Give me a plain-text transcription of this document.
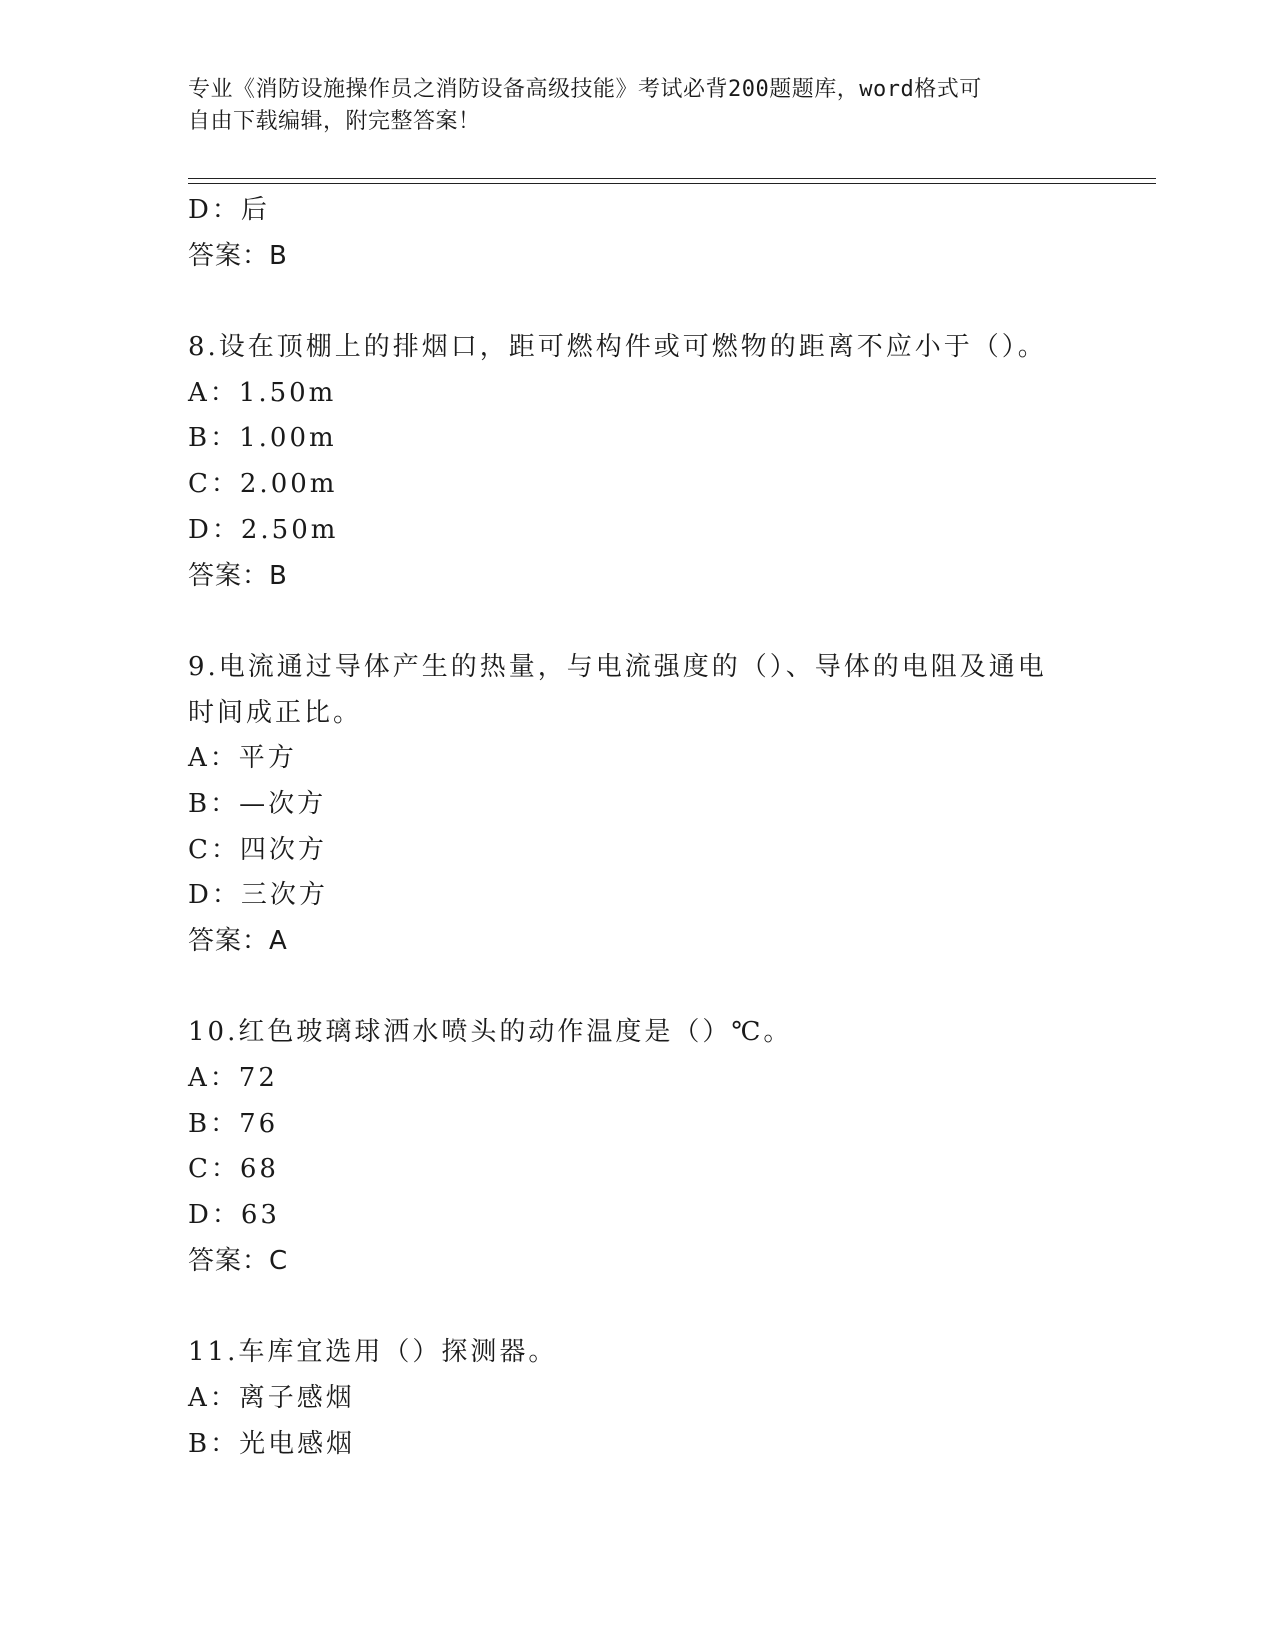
专业《消防设施操作员之消防设备高级技能》考试必背200题题库，word格式可
自由下载编辑，附完整答案！
D：后
答案：B
8.设在顶棚上的排烟口，距可燃构件或可燃物的距离不应小于（）。
A：1.50m
B：1.00m
C：2.00m
D：2.50m
答案：B
9.电流通过导体产生的热量，与电流强度的（）、导体的电阻及通电
时间成正比。
A：平方
B：—次方
C：四次方
D：三次方
答案：A
10.红色玻璃球洒水喷头的动作温度是（）℃。
A：72
B：76
C：68
D：63
答案：C
11.车库宜选用（）探测器。
A：离子感烟
B：光电感烟
